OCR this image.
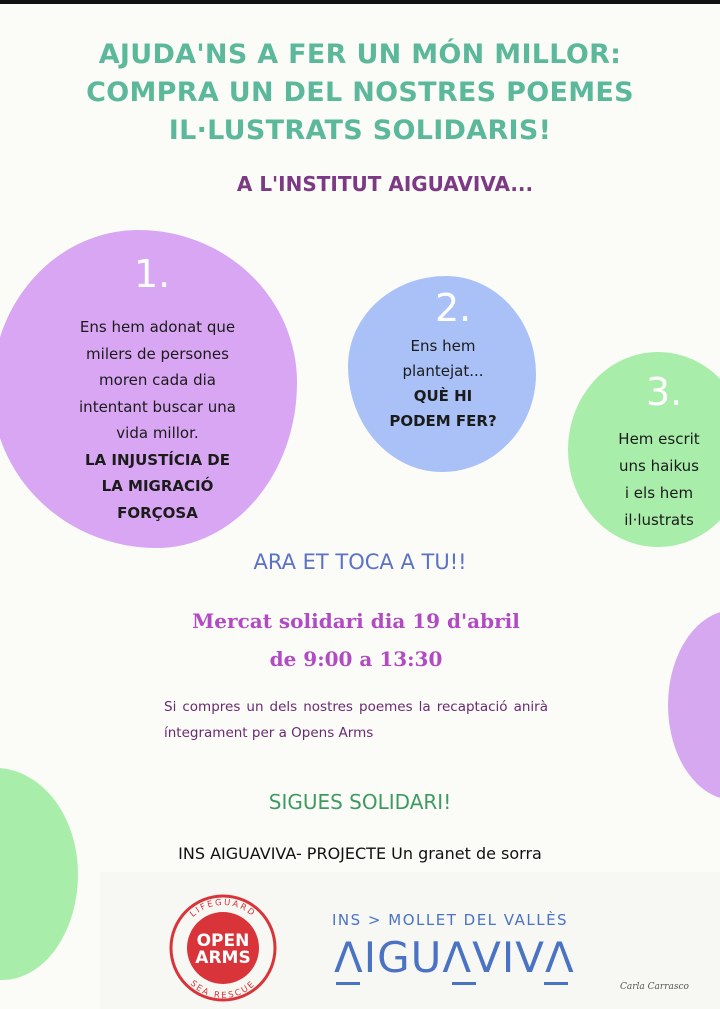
AJUDA'NS A FER UN MÓN MILLOR:
COMPRA UN DEL NOSTRES POEMES
IL·LUSTRATS SOLIDARIS!
A L'INSTITUT AIGUAVIVA...
1.
Ens hem adonat que
milers de persones
moren cada dia
intentant buscar una
vida millor.
LA INJUSTÍCIA DE
LA MIGRACIÓ
FORÇOSA
2.
Ens hem
plantejat...
QUÈ HI
PODEM FER?
3.
Hem escrit
uns haikus
i els hem
il·lustrats
ARA ET TOCA A TU!!
Mercat solidari dia 19 d'abril
de 9:00 a 13:30
Si compres un dels nostres poemes la recaptació anirà íntegrament per a Opens Arms
SIGUES SOLIDARI!
INS AIGUAVIVA- PROJECTE Un granet de sorra
LIFEGUARD
SEA RESCUE
OPEN
ARMS
INS > MOLLET DEL VALLÈS
ΛIGUΛVIVΛ
Carla Carrasco
